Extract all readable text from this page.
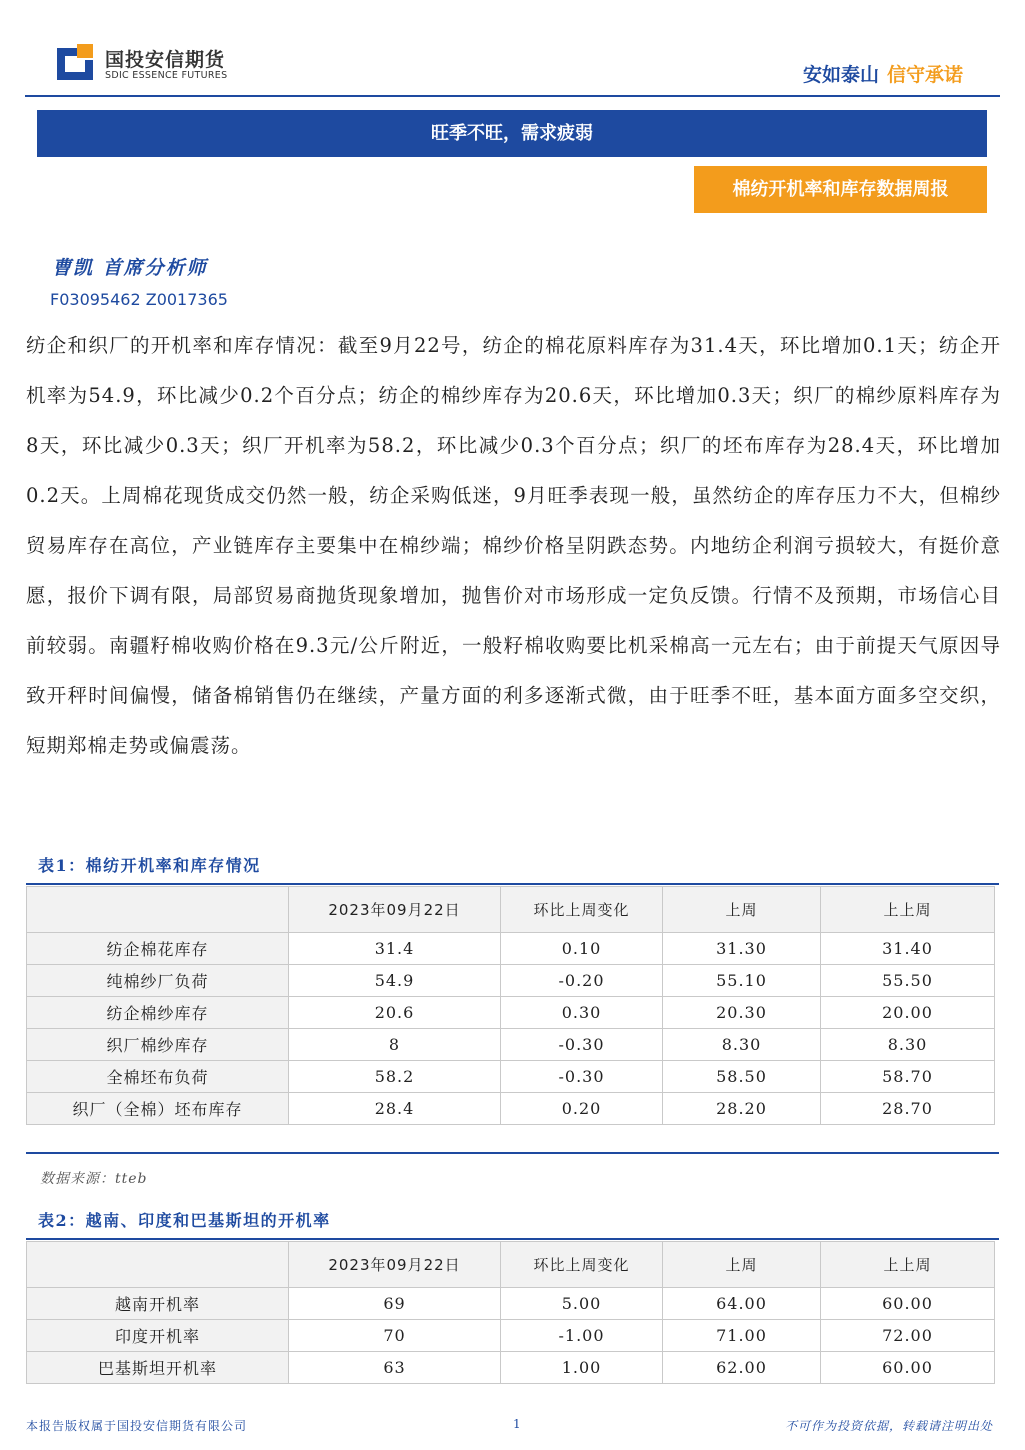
国投安信期货
SDIC ESSENCE FUTURES	安如泰山 信守承诺
旺季不旺，需求疲弱
棉纺开机率和库存数据周报
曹凯 首席分析师
F03095462 Z0017365

纺企和织厂的开机率和库存情况：截至9月22号，纺企的棉花原料库存为31.4天，环比增加0.1天；纺企开机率为54.9，环比减少0.2个百分点；纺企的棉纱库存为20.6天，环比增加0.3天；织厂的棉纱原料库存为8天，环比减少0.3天；织厂开机率为58.2，环比减少0.3个百分点；织厂的坯布库存为28.4天，环比增加0.2天。上周棉花现货成交仍然一般，纺企采购低迷，9月旺季表现一般，虽然纺企的库存压力不大，但棉纱贸易库存在高位，产业链库存主要集中在棉纱端；棉纱价格呈阴跌态势。内地纺企利润亏损较大，有挺价意愿，报价下调有限，局部贸易商抛货现象增加，抛售价对市场形成一定负反馈。行情不及预期，市场信心目前较弱。南疆籽棉收购价格在9.3元/公斤附近，一般籽棉收购要比机采棉高一元左右；由于前提天气原因导致开秤时间偏慢，储备棉销售仍在继续，产量方面的利多逐渐式微，由于旺季不旺，基本面方面多空交织，短期郑棉走势或偏震荡。

表1：棉纺开机率和库存情况
	2023年09月22日	环比上周变化	上周	上上周
纺企棉花库存	31.4	0.10	31.30	31.40
纯棉纱厂负荷	54.9	-0.20	55.10	55.50
纺企棉纱库存	20.6	0.30	20.30	20.00
织厂棉纱库存	8	-0.30	8.30	8.30
全棉坯布负荷	58.2	-0.30	58.50	58.70
织厂（全棉）坯布库存	28.4	0.20	28.20	28.70
数据来源：tteb
表2：越南、印度和巴基斯坦的开机率
	2023年09月22日	环比上周变化	上周	上上周
越南开机率	69	5.00	64.00	60.00
印度开机率	70	-1.00	71.00	72.00
巴基斯坦开机率	63	1.00	62.00	60.00
本报告版权属于国投安信期货有限公司	1	不可作为投资依据，转载请注明出处
